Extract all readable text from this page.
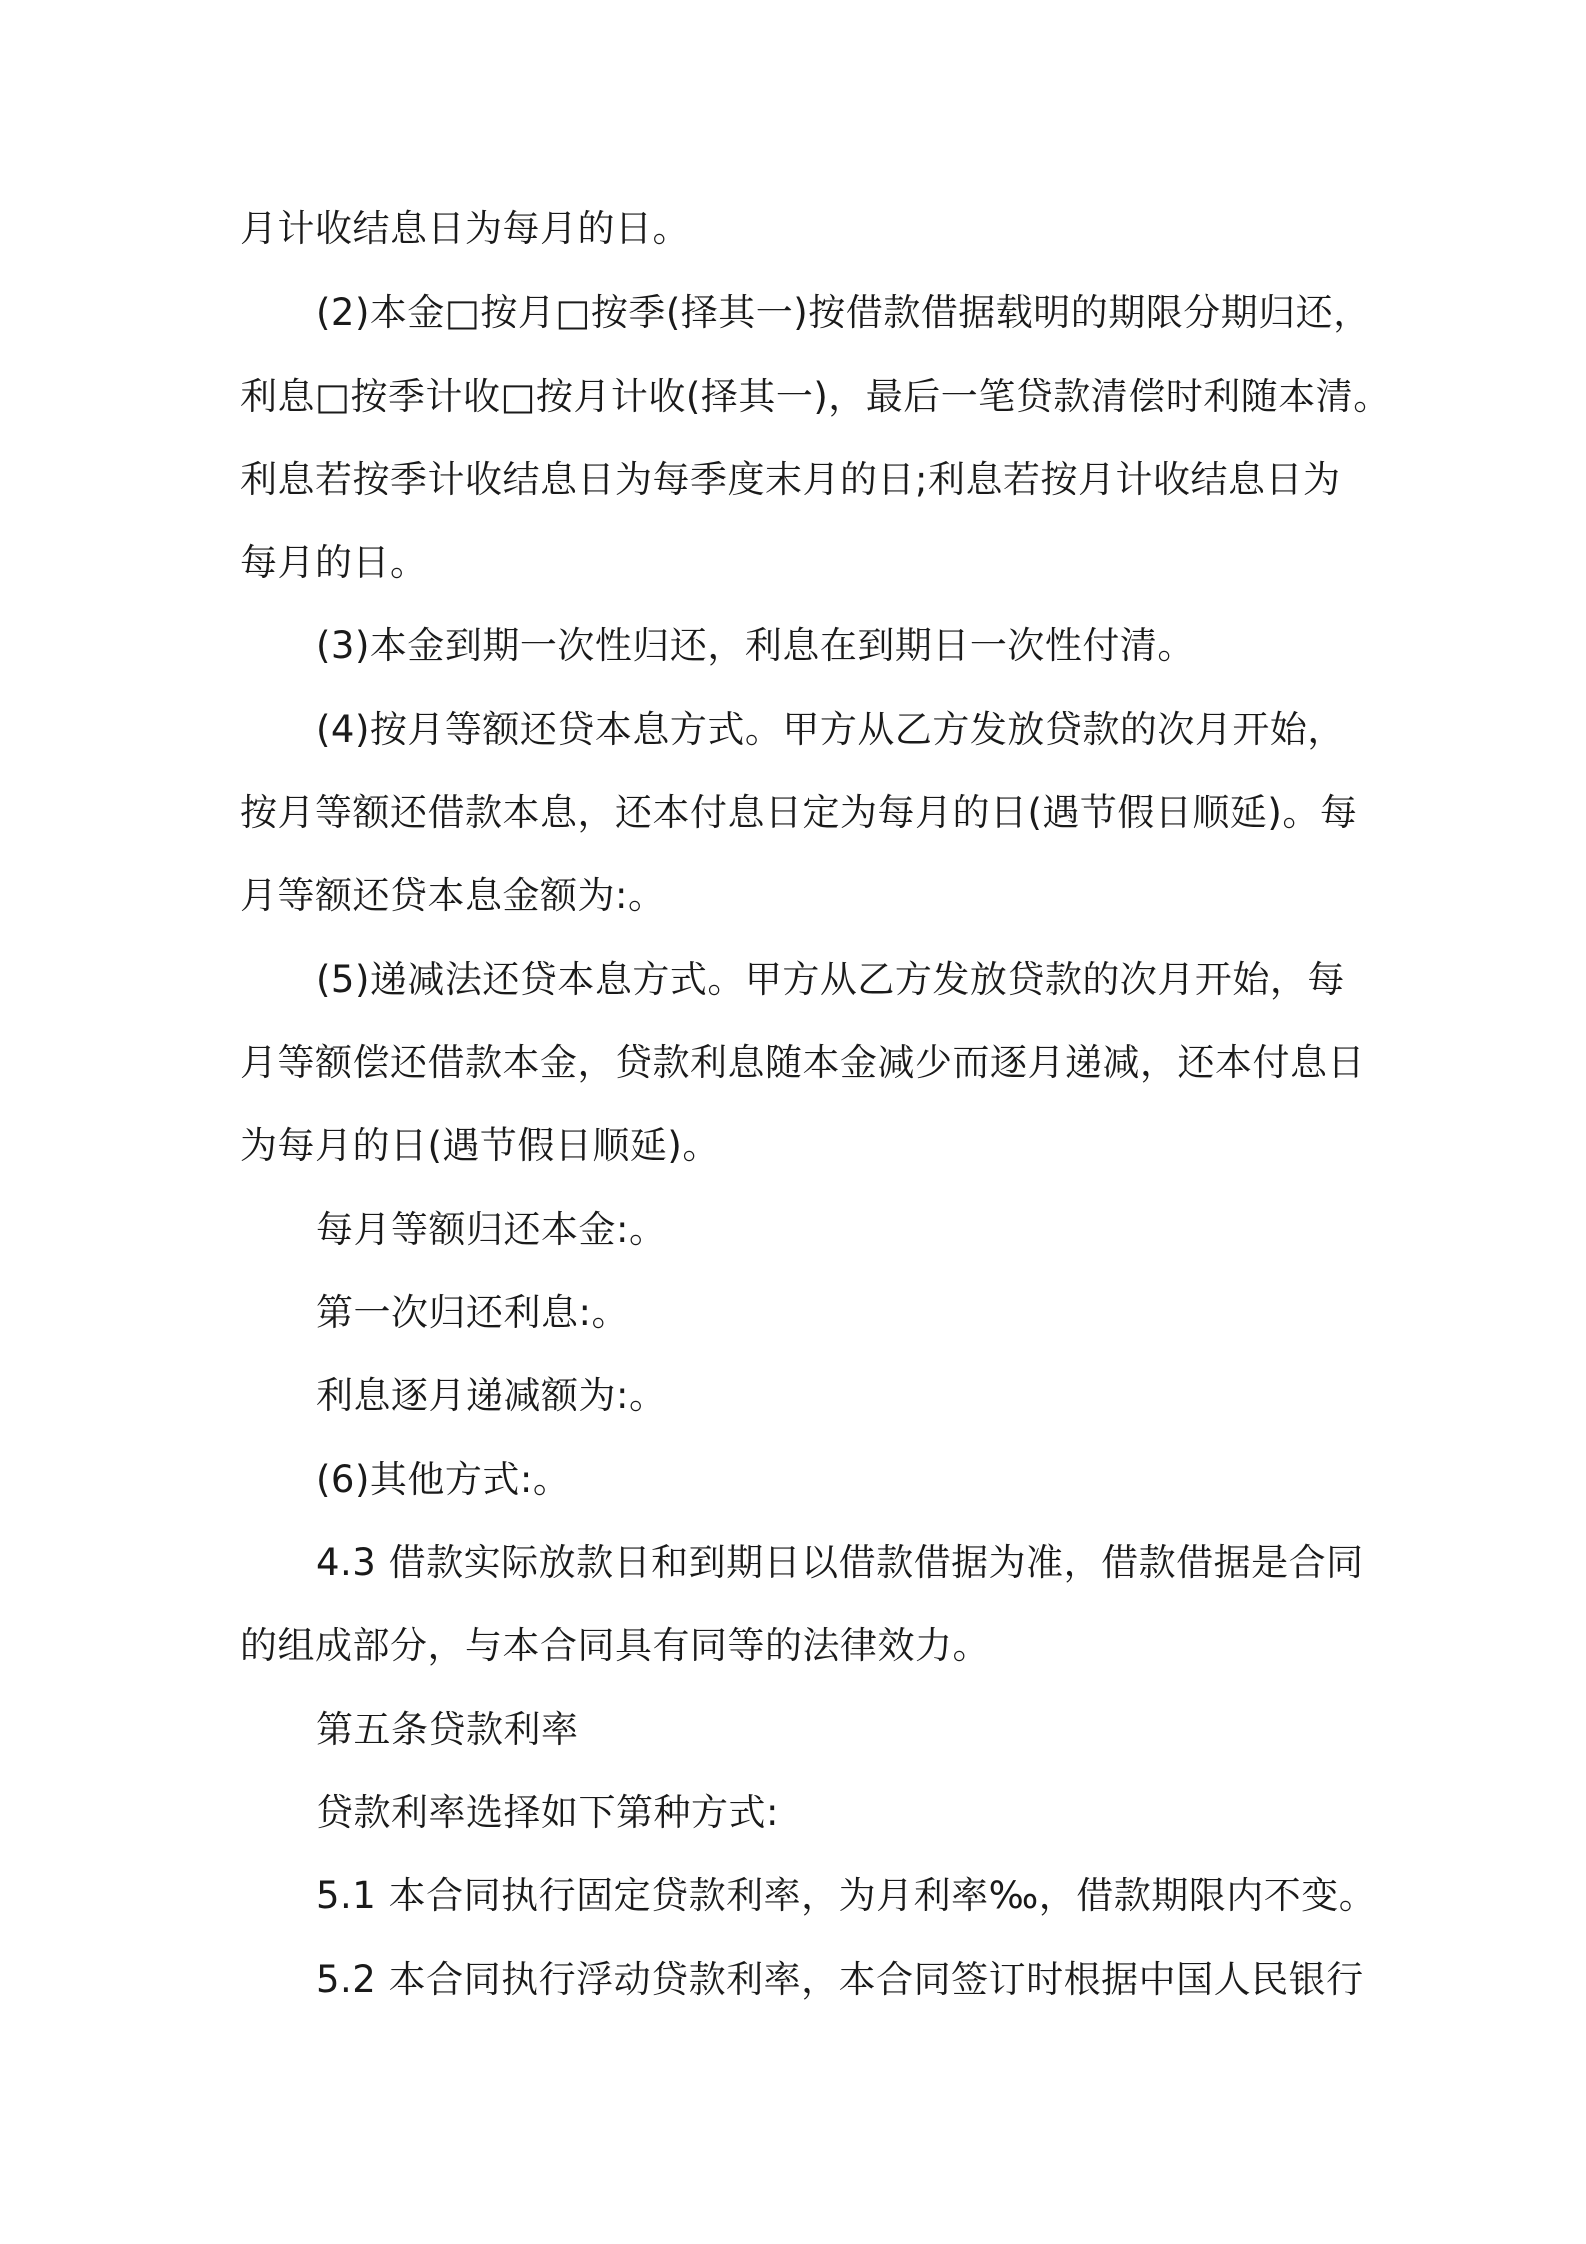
月计收结息日为每月的日。
(2)本金□按月□按季(择其一)按借款借据载明的期限分期归还，
利息□按季计收□按月计收(择其一)，最后一笔贷款清偿时利随本清。
利息若按季计收结息日为每季度末月的日;利息若按月计收结息日为
每月的日。
(3)本金到期一次性归还，利息在到期日一次性付清。
(4)按月等额还贷本息方式。甲方从乙方发放贷款的次月开始，
按月等额还借款本息，还本付息日定为每月的日(遇节假日顺延)。每
月等额还贷本息金额为:。
(5)递减法还贷本息方式。甲方从乙方发放贷款的次月开始，每
月等额偿还借款本金，贷款利息随本金减少而逐月递减，还本付息日
为每月的日(遇节假日顺延)。
每月等额归还本金:。
第一次归还利息:。
利息逐月递减额为:。
(6)其他方式:。
4.3 借款实际放款日和到期日以借款借据为准，借款借据是合同
的组成部分，与本合同具有同等的法律效力。
第五条贷款利率
贷款利率选择如下第种方式:
5.1 本合同执行固定贷款利率，为月利率‰，借款期限内不变。
5.2 本合同执行浮动贷款利率，本合同签订时根据中国人民银行
